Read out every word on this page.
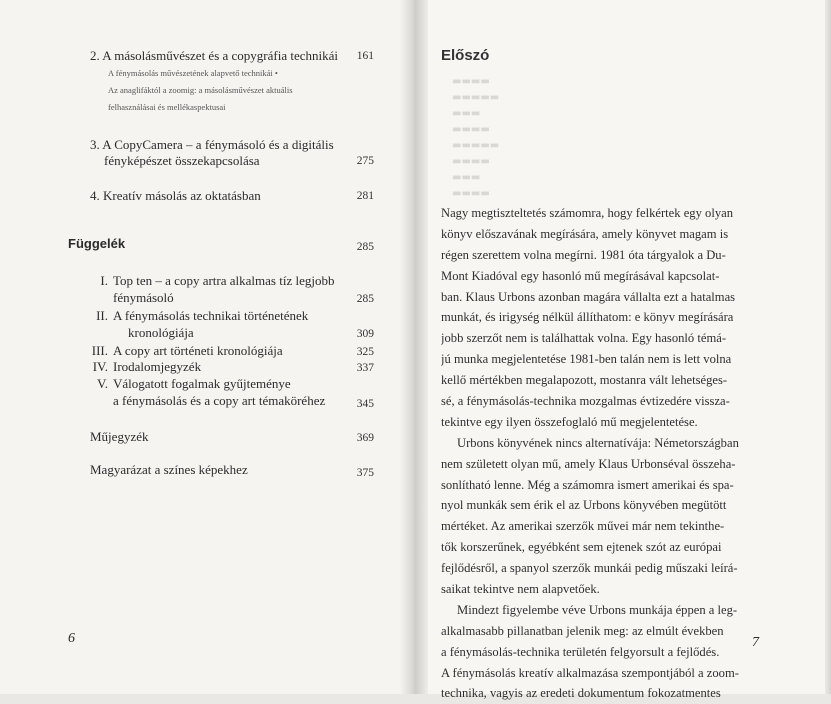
2. A másolásművészet és a copygráfia technikái	161
A fénymásolás művészetének alapvető technikái •
Az anaglifáktól a zoomig: a másolásművészet aktuális
felhasználásai és mellékaspektusai
3. A CopyCamera – a fénymásoló és a digitális
fényképészet összekapcsolása	275
4. Kreatív másolás az oktatásban	281
Függelék	285
I. Top ten – a copy artra alkalmas tíz legjobb
fénymásoló	285
II. A fénymásolás technikai történetének
kronológiája	309
III. A copy art történeti kronológiája	325
IV. Irodalomjegyzék	337
V. Válogatott fogalmak gyűjteménye
a fénymásolás és a copy art témaköréhez	345
Műjegyzék	369
Magyarázat a színes képekhez	375
6
Előszó
▬▬▬▬
▬▬▬▬▬
▬▬▬
▬▬▬▬
▬▬▬▬▬
▬▬▬▬
▬▬▬
▬▬▬▬
Nagy megtiszteltetés számomra, hogy felkértek egy olyan
könyv előszavának megírására, amely könyvet magam is
régen szerettem volna megírni. 1981 óta tárgyalok a Du-
Mont Kiadóval egy hasonló mű megírásával kapcsolat-
ban. Klaus Urbons azonban magára vállalta ezt a hatalmas
munkát, és irigység nélkül állíthatom: e könyv megírására
jobb szerzőt nem is találhattak volna. Egy hasonló témá-
jú munka megjelentetése 1981-ben talán nem is lett volna
kellő mértékben megalapozott, mostanra vált lehetséges-
sé, a fénymásolás-technika mozgalmas évtizedére vissza-
tekintve egy ilyen összefoglaló mű megjelentetése.
Urbons könyvének nincs alternatívája: Németországban
nem született olyan mű, amely Klaus Urbonséval összeha-
sonlítható lenne. Még a számomra ismert amerikai és spa-
nyol munkák sem érik el az Urbons könyvében megütött
mértéket. Az amerikai szerzők művei már nem tekinthe-
tők korszerűnek, egyébként sem ejtenek szót az európai
fejlődésről, a spanyol szerzők munkái pedig műszaki leírá-
saikat tekintve nem alapvetőek.
Mindezt figyelembe véve Urbons munkája éppen a leg-
alkalmasabb pillanatban jelenik meg: az elmúlt években
a fénymásolás-technika területén felgyorsult a fejlődés.
A fénymásolás kreatív alkalmazása szempontjából a zoom-
technika, vagyis az eredeti dokumentum fokozatmentes
7
